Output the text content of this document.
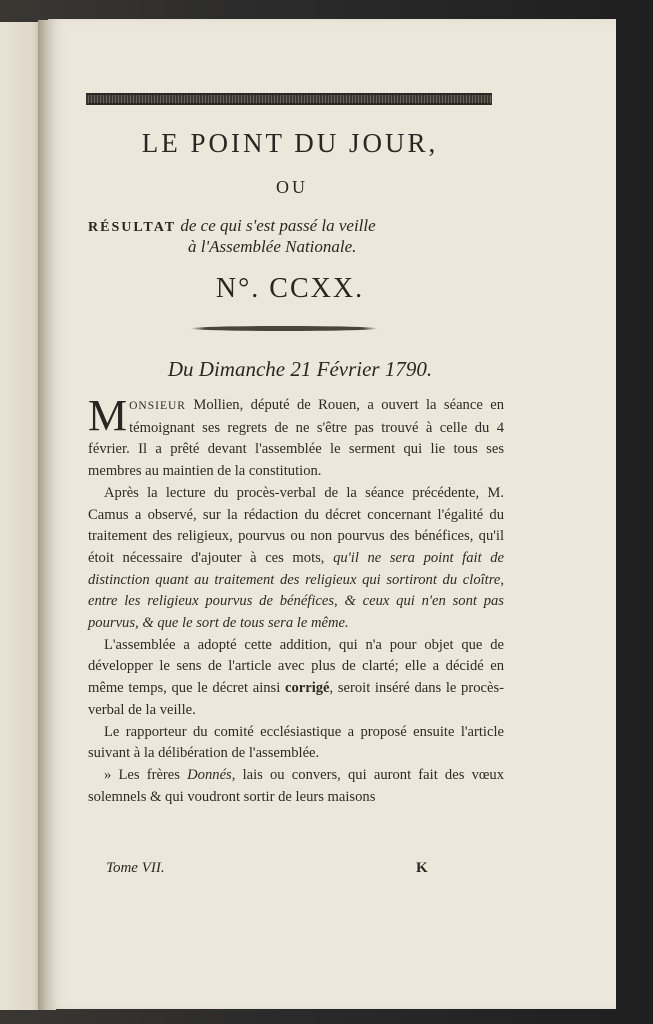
LE POINT DU JOUR,
OU
RÉSULTAT de ce qui s'est passé la veille
à l'Assemblée Nationale.
N°. CCXX.
Du Dimanche 21 Février 1790.

MONSIEUR Mollien, député de Rouen, a ouvert la séance en témoignant ses regrets de ne s'être pas trouvé à celle du 4 février. Il a prêté devant l'assemblée le serment qui lie tous ses membres au maintien de la constitution.

Après la lecture du procès-verbal de la séance précédente, M. Camus a observé, sur la rédaction du décret concernant l'égalité du traitement des religieux, pourvus ou non pourvus des bénéfices, qu'il étoit nécessaire d'ajouter à ces mots, qu'il ne sera point fait de distinction quant au traitement des religieux qui sortiront du cloître, entre les religieux pourvus de bénéfices, & ceux qui n'en sont pas pourvus, & que le sort de tous sera le même.

L'assemblée a adopté cette addition, qui n'a pour objet que de développer le sens de l'article avec plus de clarté; elle a décidé en même temps, que le décret ainsi corrigé, seroit inséré dans le procès-verbal de la veille.

Le rapporteur du comité ecclésiastique a proposé ensuite l'article suivant à la délibération de l'assemblée.

» Les frères Donnés, lais ou convers, qui auront fait des vœux solemnels & qui voudront sortir de leurs maisons

Tome VII.	K
